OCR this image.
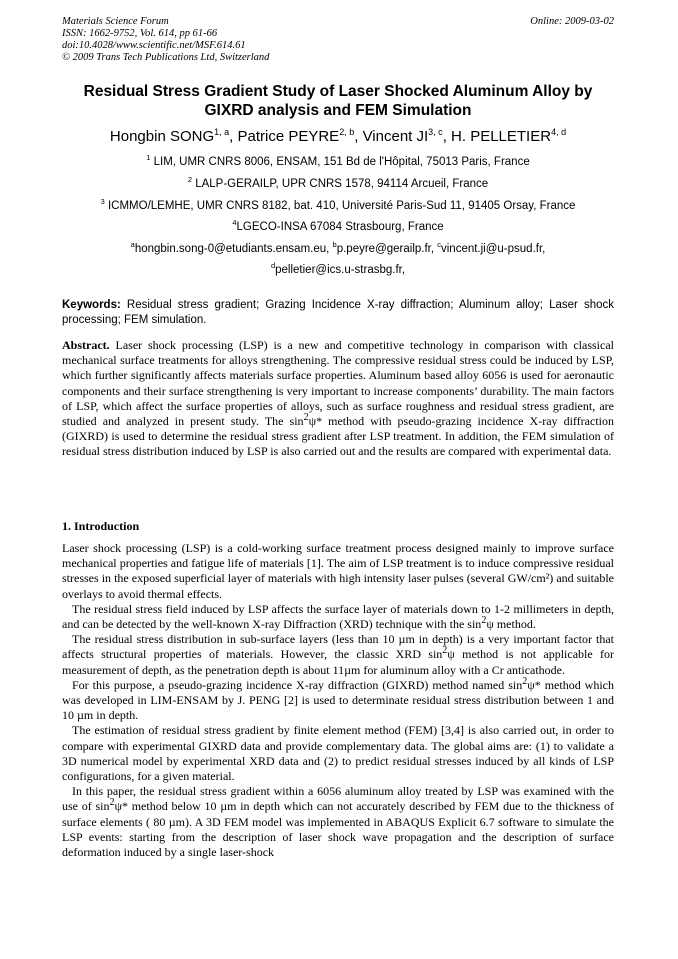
Materials Science Forum
ISSN: 1662-9752, Vol. 614, pp 61-66
doi:10.4028/www.scientific.net/MSF.614.61
© 2009 Trans Tech Publications Ltd, Switzerland
Online: 2009-03-02
Residual Stress Gradient Study of Laser Shocked Aluminum Alloy by GIXRD analysis and FEM Simulation
Hongbin SONG$^{1, a}$, Patrice PEYRE$^{2, b}$, Vincent JI$^{3, c}$, H. PELLETIER$^{4, d}$
$^1$ LIM, UMR CNRS 8006, ENSAM, 151 Bd de l'Hôpital, 75013 Paris, France
$^2$ LALP-GERAILP, UPR CNRS 1578, 94114 Arcueil, France
$^3$ ICMMO/LEMHE, UMR CNRS 8182, bat. 410, Université Paris-Sud 11, 91405 Orsay, France
$^4$LGECO-INSA 67084 Strasbourg, France
$^a$hongbin.song-0@etudiants.ensam.eu, $^b$p.peyre@gerailp.fr, $^c$vincent.ji@u-psud.fr,
$^d$pelletier@ics.u-strasbg.fr,
Keywords: Residual stress gradient; Grazing Incidence X-ray diffraction; Aluminum alloy; Laser shock processing; FEM simulation.
Abstract. Laser shock processing (LSP) is a new and competitive technology in comparison with classical mechanical surface treatments for alloys strengthening. The compressive residual stress could be induced by LSP, which further significantly affects materials surface properties. Aluminum based alloy 6056 is used for aeronautic components and their surface strengthening is very important to increase components’ durability. The main factors of LSP, which affect the surface properties of alloys, such as surface roughness and residual stress gradient, are studied and analyzed in present study. The $\sin^2\psi*$ method with pseudo-grazing incidence X-ray diffraction (GIXRD) is used to determine the residual stress gradient after LSP treatment. In addition, the FEM simulation of residual stress distribution induced by LSP is also carried out and the results are compared with experimental data.
1. Introduction

Laser shock processing (LSP) is a cold-working surface treatment process designed mainly to improve surface mechanical properties and fatigue life of materials [1]. The aim of LSP treatment is to induce compressive residual stresses in the exposed superficial layer of materials with high intensity laser pulses (several GW/cm²) and suitable overlays to avoid thermal effects.

The residual stress field induced by LSP affects the surface layer of materials down to 1-2 millimeters in depth, and can be detected by the well-known X-ray Diffraction (XRD) technique with the $\sin^2\psi$ method.

The residual stress distribution in sub-surface layers (less than 10 µm in depth) is a very important factor that affects structural properties of materials. However, the classic XRD $\sin^2\psi$ method is not applicable for measurement of depth, as the penetration depth is about 11µm for aluminum alloy with a Cr anticathode.

For this purpose, a pseudo-grazing incidence X-ray diffraction (GIXRD) method named $\sin^2\psi*$ method which was developed in LIM-ENSAM by J. PENG [2] is used to determinate residual stress distribution between 1 and 10 µm in depth.

The estimation of residual stress gradient by finite element method (FEM) [3,4] is also carried out, in order to compare with experimental GIXRD data and provide complementary data. The global aims are: (1) to validate a 3D numerical model by experimental XRD data and (2) to predict residual stresses induced by all kinds of LSP configurations, for a given material.

In this paper, the residual stress gradient within a 6056 aluminum alloy treated by LSP was examined with the use of $\sin^2\psi*$ method below 10 µm in depth which can not accurately described by FEM due to the thickness of surface elements ( 80 µm). A 3D FEM model was implemented in ABAQUS Explicit 6.7 software to simulate the LSP events: starting from the description of laser shock wave propagation and the description of surface deformation induced by a single laser-shock
